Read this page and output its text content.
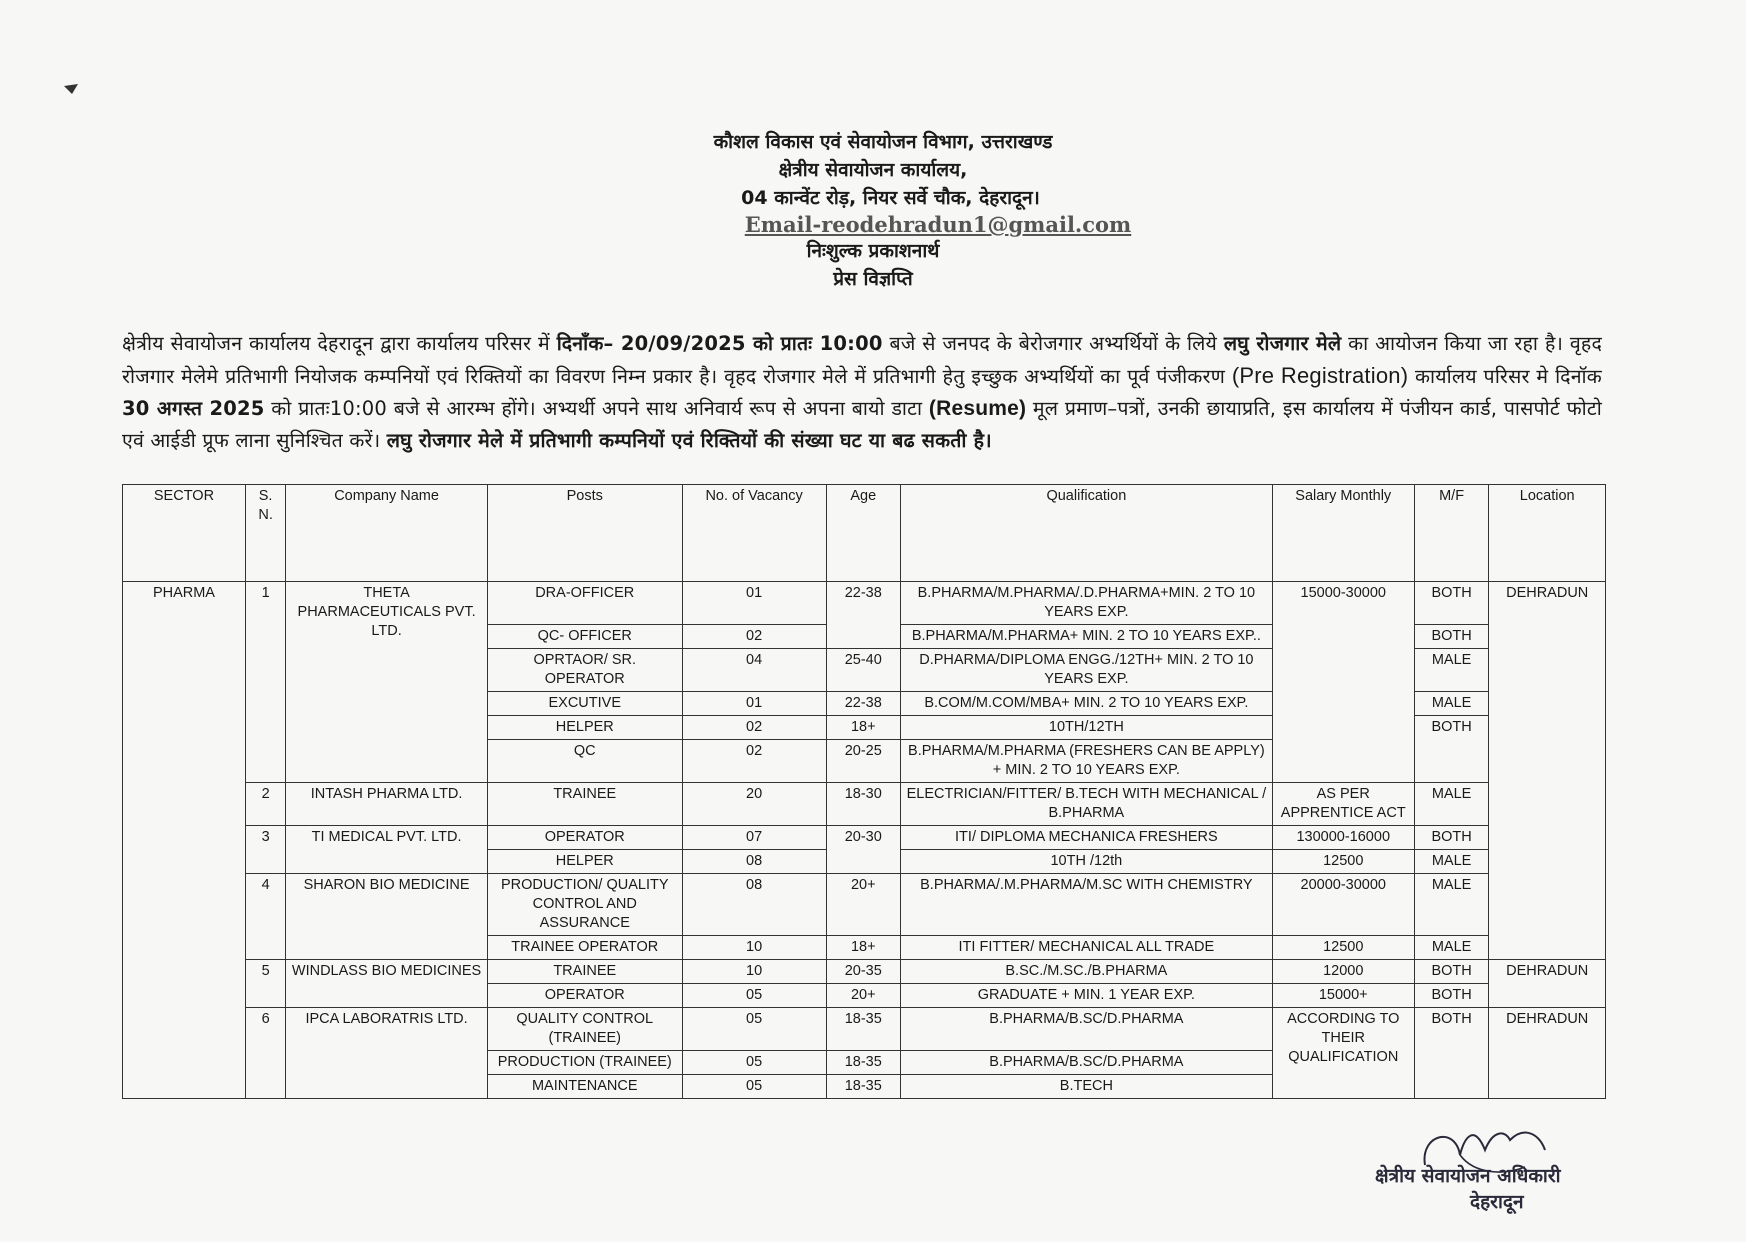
कौशल विकास एवं सेवायोजन विभाग, उत्तराखण्ड
क्षेत्रीय सेवायोजन कार्यालय,
04 कान्वेंट रोड़, नियर सर्वे चौक, देहरादून।
Email-reodehradun1@gmail.com
निःशुल्क प्रकाशनार्थ
प्रेस विज्ञप्ति
क्षेत्रीय सेवायोजन कार्यालय देहरादून द्वारा कार्यालय परिसर में दिनाँक– 20/09/2025 को प्रातः 10:00 बजे से जनपद के बेरोजगार अभ्यर्थियों के लिये लघु रोजगार मेले का आयोजन किया जा रहा है। वृहद रोजगार मेलेमे प्रतिभागी नियोजक कम्पनियों एवं रिक्तियों का विवरण निम्न प्रकार है। वृहद रोजगार मेले में प्रतिभागी हेतु इच्छुक अभ्यर्थियों का पूर्व पंजीकरण (Pre Registration) कार्यालय परिसर मे दिनॉक 30 अगस्त 2025 को प्रातः10:00 बजे से आरम्भ होंगे। अभ्यर्थी अपने साथ अनिवार्य रूप से अपना बायो डाटा (Resume) मूल प्रमाण–पत्रों, उनकी छायाप्रति, इस कार्यालय में पंजीयन कार्ड, पासपोर्ट फोटो एवं आईडी प्रूफ लाना सुनिश्चित करें। लघु रोजगार मेले में प्रतिभागी कम्पनियों एवं रिक्तियों की संख्या घट या बढ सकती है।
SECTOR	S. N.	Company Name	Posts	No. of Vacancy	Age	Qualification	Salary Monthly	M/F	Location
PHARMA	1	THETA PHARMACEUTICALS PVT. LTD.	DRA-OFFICER	01	22-38	B.PHARMA/M.PHARMA/.D.PHARMA+MIN. 2 TO 10 YEARS EXP.	15000-30000	BOTH	DEHRADUN
			QC- OFFICER	02		B.PHARMA/M.PHARMA+ MIN. 2 TO 10 YEARS EXP..		BOTH	
			OPRTAOR/ SR. OPERATOR	04	25-40	D.PHARMA/DIPLOMA ENGG./12TH+ MIN. 2 TO 10 YEARS EXP.		MALE	
			EXCUTIVE	01	22-38	B.COM/M.COM/MBA+ MIN. 2 TO 10 YEARS EXP.		MALE	
			HELPER	02	18+	10TH/12TH		BOTH	
			QC	02	20-25	B.PHARMA/M.PHARMA (FRESHERS CAN BE APPLY) + MIN. 2 TO 10 YEARS EXP.			
	2	INTASH PHARMA LTD.	TRAINEE	20	18-30	ELECTRICIAN/FITTER/ B.TECH WITH MECHANICAL / B.PHARMA	AS PER APPRENTICE ACT	MALE	
	3	TI MEDICAL PVT. LTD.	OPERATOR	07	20-30	ITI/ DIPLOMA MECHANICA FRESHERS	130000-16000	BOTH	
			HELPER	08		10TH /12th	12500	MALE	
	4	SHARON BIO MEDICINE	PRODUCTION/ QUALITY CONTROL AND ASSURANCE	08	20+	B.PHARMA/.M.PHARMA/M.SC WITH CHEMISTRY	20000-30000	MALE	
			TRAINEE OPERATOR	10	18+	ITI FITTER/ MECHANICAL ALL TRADE	12500	MALE	
	5	WINDLASS BIO MEDICINES	TRAINEE	10	20-35	B.SC./M.SC./B.PHARMA	12000	BOTH	DEHRADUN
			OPERATOR	05	20+	GRADUATE + MIN. 1 YEAR EXP.	15000+	BOTH	
	6	IPCA LABORATRIS LTD.	QUALITY CONTROL (TRAINEE)	05	18-35	B.PHARMA/B.SC/D.PHARMA	ACCORDING TO THEIR QUALIFICATION	BOTH	DEHRADUN
			PRODUCTION (TRAINEE)	05	18-35	B.PHARMA/B.SC/D.PHARMA			
			MAINTENANCE	05	18-35	B.TECH			
क्षेत्रीय सेवायोजन अधिकारी
देहरादून
